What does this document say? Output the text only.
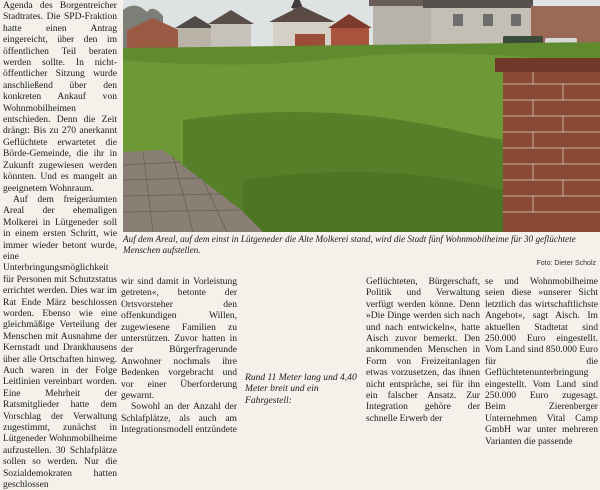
Agenda des Borgentreicher Stadtrates. Die SPD-Fraktion hatte einen Antrag eingereicht, über den im öffentlichen Teil beraten werden sollte. In nicht-öffentlicher Sitzung wurde anschließend über den konkreten Ankauf von Wohnmobilheimen entschieden. Denn die Zeit drängt: Bis zu 270 anerkannt Geflüchtete erwartetet die Börde-Gemeinde, die ihr in Zukunft zugewiesen werden könnten. Und es mangelt an geeignetem Wohnraum.

Auf dem freigeräumten Areal der ehemaligen Molkerei in Lütgeneder soll in einem ersten Schritt, wie immer wieder betont wurde, eine Unterbringungsmöglichkeit für Personen mit Schutzstatus errichtet werden. Dies war im Rat Ende März beschlossen worden. Ebenso wie eine gleichmäßige Verteilung der Menschen mit Ausnahme der Kernstadt und Drankhausens über alle Ortschaften hinweg. Auch waren in der Folge Leitlinien vereinbart worden. Eine Mehrheit der Ratsmitglieder hatte dem Vorschlag der Verwaltung zugestimmt, zunächst in Lütgeneder Wohnmobilheime aufzustellen. 30 Schlafplätze sollen so werden. Nur die Sozialdemokraten hatten geschlossen

Auf dem Areal, auf dem einst in Lütgeneder die Alte Molkerei stand, wird die Stadt fünf Wohnmobilheime für 30 geflüchtete Menschen aufstellen.
Foto: Dieter Scholz

wir sind damit in Vorleistung getreten«, betonte der Ortsvorsteher den offenkundigen Willen, zugewiesene Familien zu unterstützen. Zuvor hatten in der Bürgerfragerunde Anwohner nochmals ihre Bedenken vorgebracht und vor einer Überforderung gewarnt.

Sowohl an der Anzahl der Schlafplätze, als auch am Integrationsmodell entzündete

Rund 11 Meter lang und 4,40 Meter breit und ein Fahrgestell:

Geflüchteten, Bürgerschaft, Politik und Verwaltung verfügt werden könne. Denn »Die Dinge werden sich nach und nach entwickeln«, hatte Aisch zuvor bemerkt. Den ankommenden Menschen in Form von Freizeitanlagen etwas vorzusetzen, das ihnen nicht entspräche, sei für ihn ein falscher Ansatz. Zur Integration gehöre der schnelle Erwerb der

se und Wohnmobilheime seien diese »unserer Sicht letztlich das wirtschaftlichste Angebot«, sagt Aisch. Im aktuellen Stadtetat sind 250.000 Euro eingestellt. Vom Land sind 850.000 Euro für die Geflüchtetenunterbringung eingestellt. Vom Land sind 250.000 Euro zugesagt. Beim Zierenberger Unternehmen Vital Camp GmbH war unter mehreren Varianten die passende
